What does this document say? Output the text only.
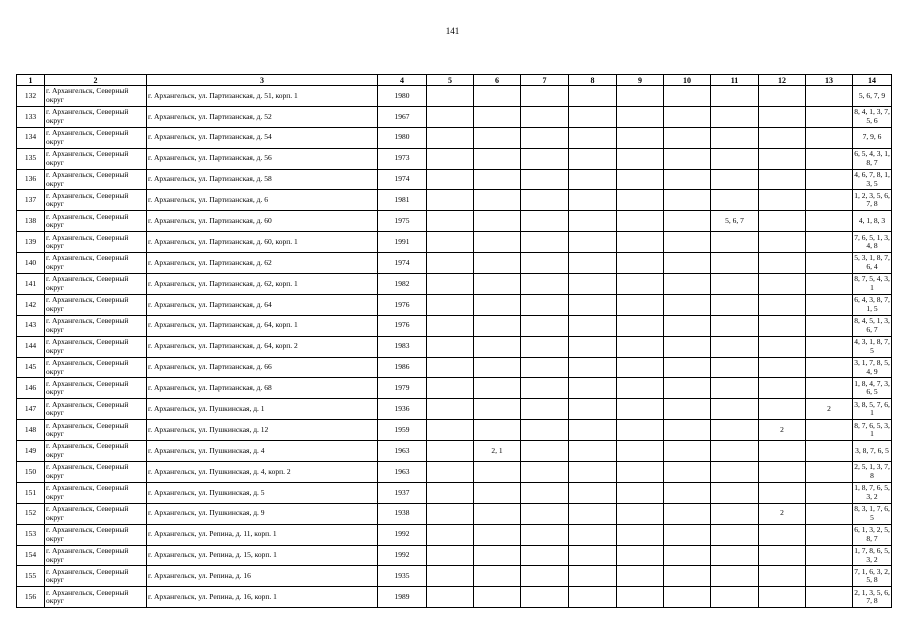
141
1	2	3	4	5	6	7	8	9	10	11	12	13	14
132	г. Архангельск, Северный округ	г. Архангельск, ул. Партизанская, д. 51, корп. 1	1980										5, 6, 7, 9
133	г. Архангельск, Северный округ	г. Архангельск, ул. Партизанская, д. 52	1967										8, 4, 1, 3, 7, 5, 6
134	г. Архангельск, Северный округ	г. Архангельск, ул. Партизанская, д. 54	1980										7, 9, 6
135	г. Архангельск, Северный округ	г. Архангельск, ул. Партизанская, д. 56	1973										6, 5, 4, 3, 1, 8, 7
136	г. Архангельск, Северный округ	г. Архангельск, ул. Партизанская, д. 58	1974										4, 6, 7, 8, 1, 3, 5
137	г. Архангельск, Северный округ	г. Архангельск, ул. Партизанская, д. 6	1981										1, 2, 3, 5, 6, 7, 8
138	г. Архангельск, Северный округ	г. Архангельск, ул. Партизанская, д. 60	1975							5, 6, 7			4, 1, 8, 3
139	г. Архангельск, Северный округ	г. Архангельск, ул. Партизанская, д. 60, корп. 1	1991										7, 6, 5, 1, 3, 4, 8
140	г. Архангельск, Северный округ	г. Архангельск, ул. Партизанская, д. 62	1974										5, 3, 1, 8, 7, 6, 4
141	г. Архангельск, Северный округ	г. Архангельск, ул. Партизанская, д. 62, корп. 1	1982										8, 7, 5, 4, 3, 1
142	г. Архангельск, Северный округ	г. Архангельск, ул. Партизанская, д. 64	1976										6, 4, 3, 8, 7, 1, 5
143	г. Архангельск, Северный округ	г. Архангельск, ул. Партизанская, д. 64, корп. 1	1976										8, 4, 5, 1, 3, 6, 7
144	г. Архангельск, Северный округ	г. Архангельск, ул. Партизанская, д. 64, корп. 2	1983										4, 3, 1, 8, 7, 5
145	г. Архангельск, Северный округ	г. Архангельск, ул. Партизанская, д. 66	1986										3, 1, 7, 8, 5, 4, 9
146	г. Архангельск, Северный округ	г. Архангельск, ул. Партизанская, д. 68	1979										1, 8, 4, 7, 3, 6, 5
147	г. Архангельск, Северный округ	г. Архангельск, ул. Пушкинская, д. 1	1936									2	3, 8, 5, 7, 6, 1
148	г. Архангельск, Северный округ	г. Архангельск, ул. Пушкинская, д. 12	1959								2		8, 7, 6, 5, 3, 1
149	г. Архангельск, Северный округ	г. Архангельск, ул. Пушкинская, д. 4	1963		2, 1								3, 8, 7, 6, 5
150	г. Архангельск, Северный округ	г. Архангельск, ул. Пушкинская, д. 4, корп. 2	1963										2, 5, 1, 3, 7, 8
151	г. Архангельск, Северный округ	г. Архангельск, ул. Пушкинская, д. 5	1937										1, 8, 7, 6, 5, 3, 2
152	г. Архангельск, Северный округ	г. Архангельск, ул. Пушкинская, д. 9	1938								2		8, 3, 1, 7, 6, 5
153	г. Архангельск, Северный округ	г. Архангельск, ул. Репина, д. 11, корп. 1	1992										6, 1, 3, 2, 5, 8, 7
154	г. Архангельск, Северный округ	г. Архангельск, ул. Репина, д. 15, корп. 1	1992										1, 7, 8, 6, 5, 3, 2
155	г. Архангельск, Северный округ	г. Архангельск, ул. Репина, д. 16	1935										7, 1, 6, 3, 2, 5, 8
156	г. Архангельск, Северный округ	г. Архангельск, ул. Репина, д. 16, корп. 1	1989										2, 1, 3, 5, 6, 7, 8
